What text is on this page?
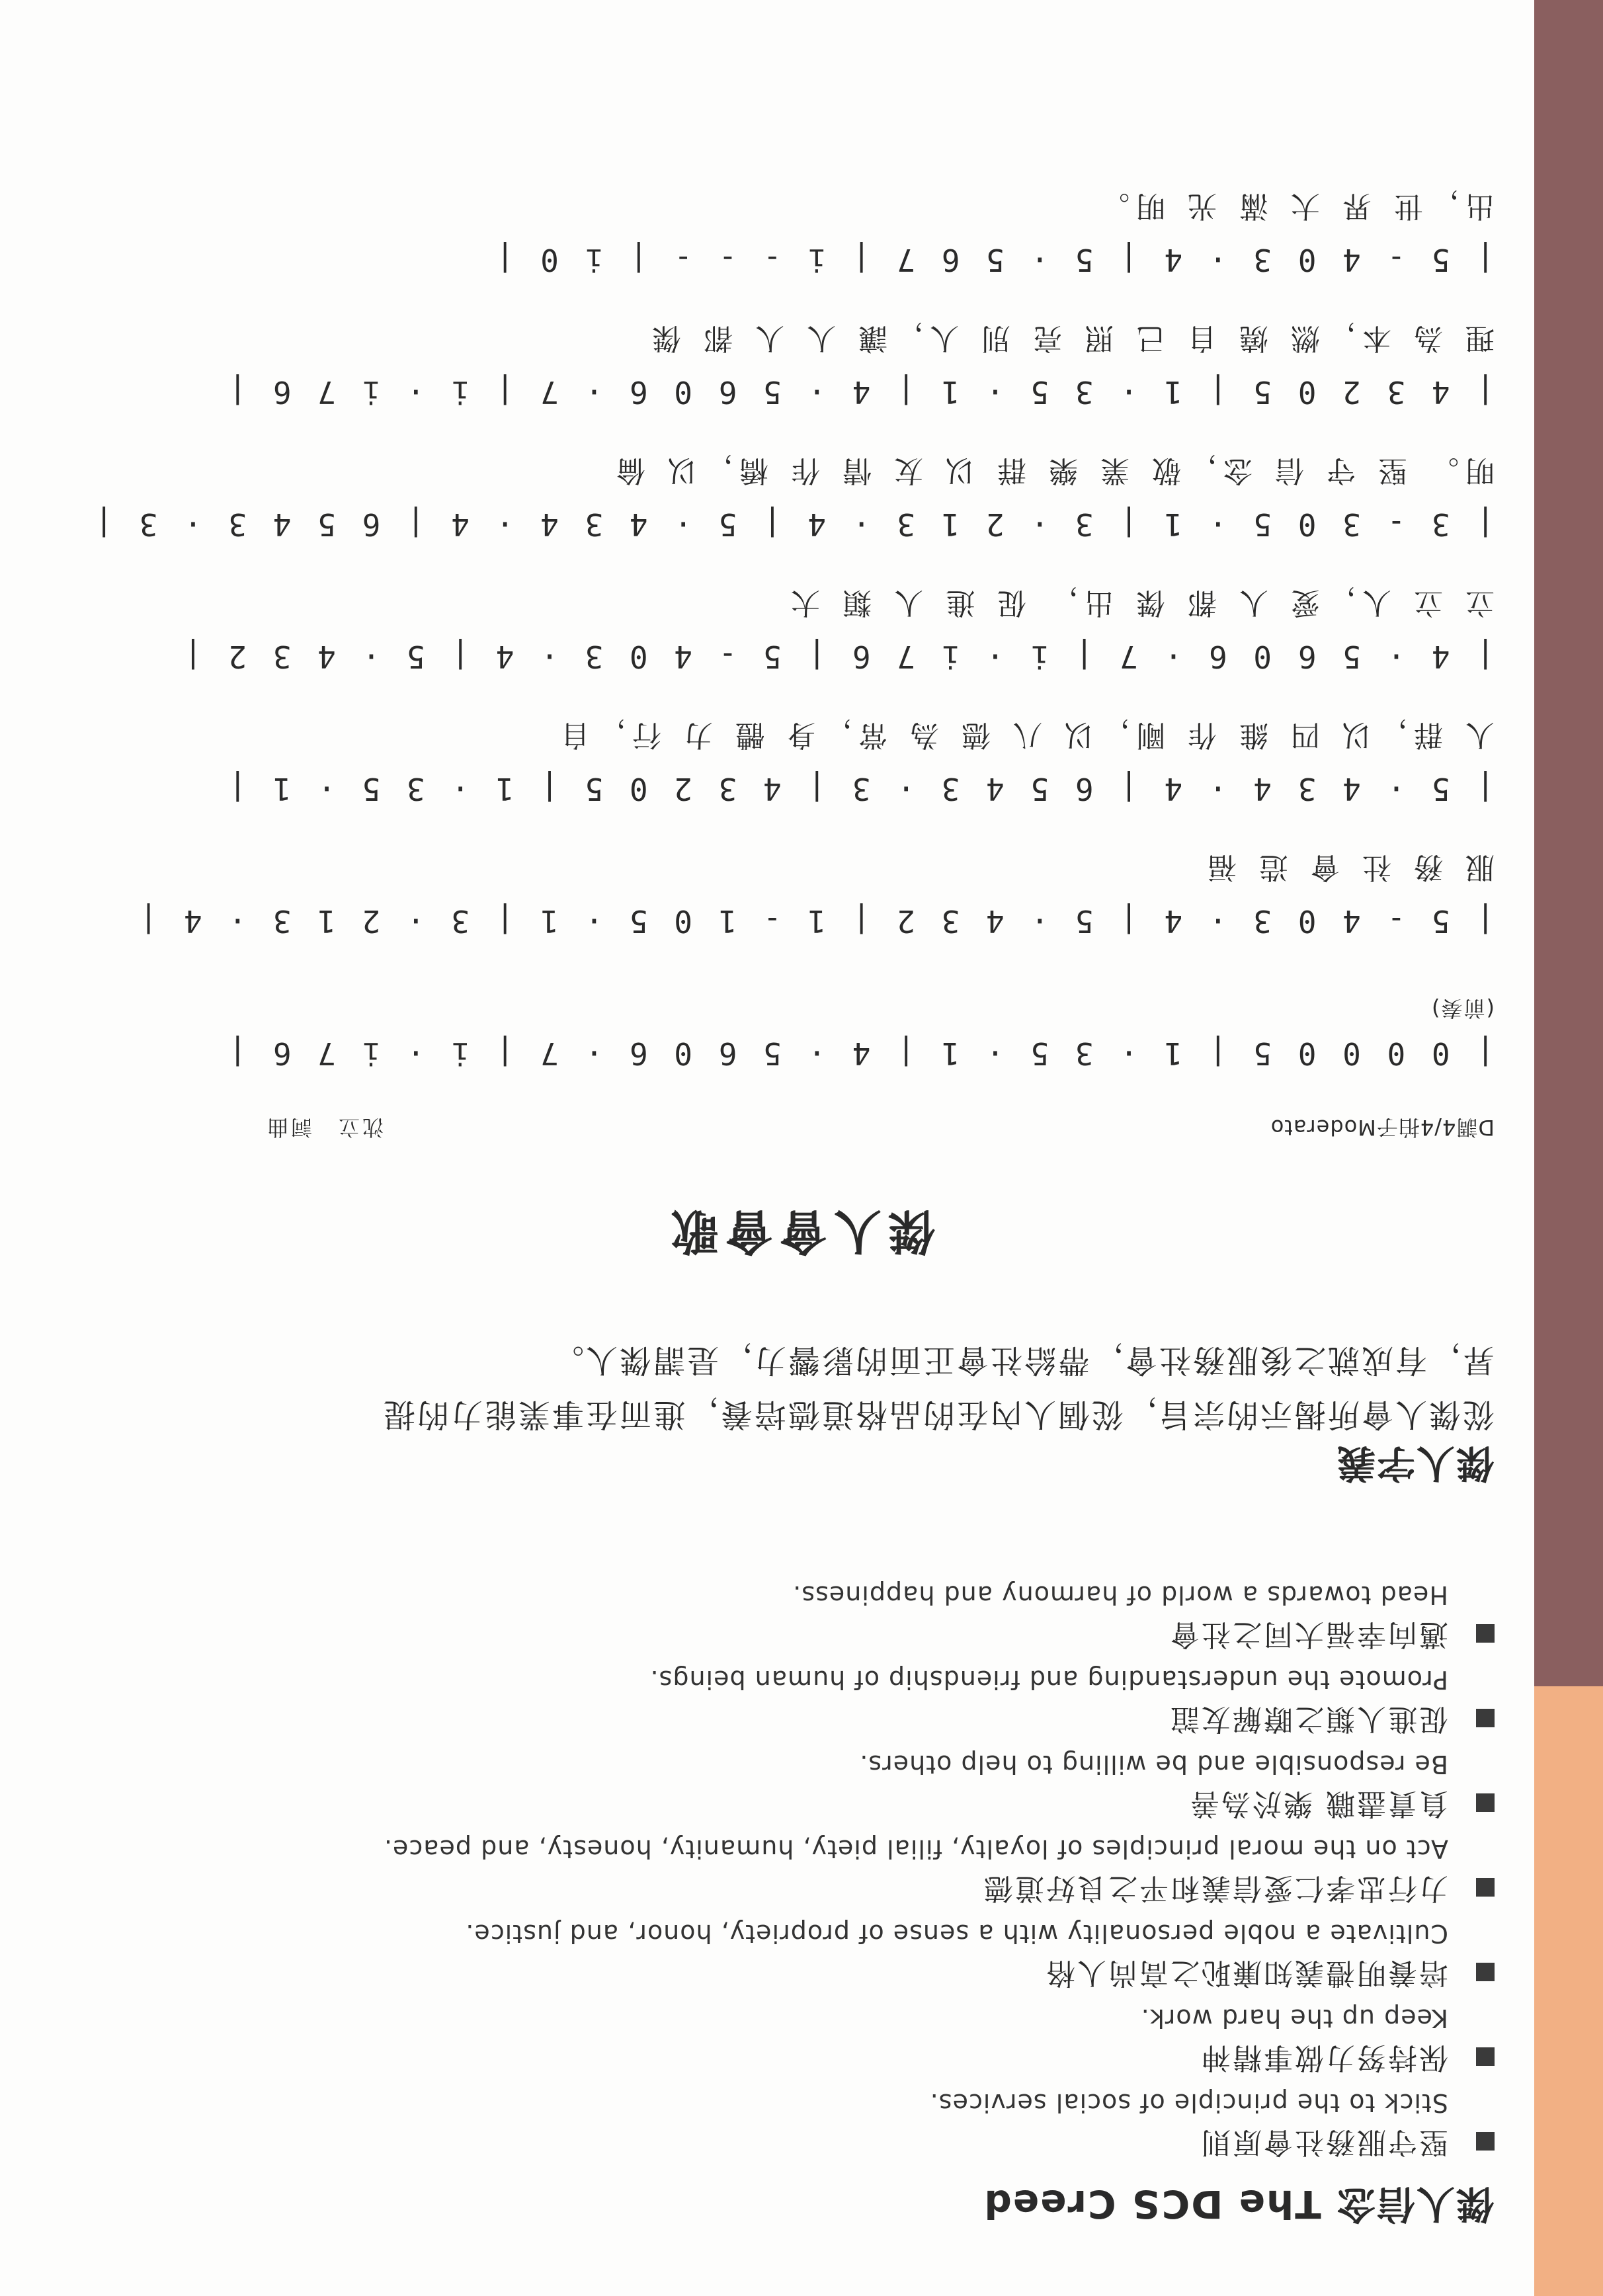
傑人信念 The DCS Creed
堅守服務社會原則
Stick to the principle of social services.
保持努力做事精神
Keep up the hard work.
培養明禮義知廉恥之高尚人格
Cultivate a noble personality with a sense of propriety, honor, and justice.
力行忠孝仁愛信義和平之良好道德
Act on the moral principles of loyalty, filial piety, humanity, honesty, and peace.
負責盡職 樂於為善
Be responsible and be willing to help others.
促進人類之瞭解友誼
Promote the understanding and friendship of human beings.
邁向幸福大同之社會
Head towards a world of harmony and happiness.
傑人字義
從傑人會所揭示的宗旨，從個人內在的品格道德培養，進而在事業能力的提昇，有成就之後服務社會，帶給社會正面的影響力，是謂傑人。
傑人會會歌
D調4/4拍子Moderato
沈立　詞曲
| 0 0 0 0 5 | 1 · 3 5 · 1 | 4 · 5 6 0 6 · 7 | i · i 7 6 |
(前奏)
| 5 - 4 0 3 · 4 | 5 · 4 3 2 | 1 - 1 0 5 · 1 | 3 · 2 1 3 · 4 |
服 務 社 會 造 福
| 5 · 4 3 4 · 4 | 6 5 4 3 · 3 | 4 3 2 0 5 | 1 · 3 5 · 1 |
人 群，以 四 維 作 剛，以 八 德 為 常，身 體 力 行，自
| 4 · 5 6 0 6 · 7 | i · i 7 6 | 5 - 4 0 3 · 4 | 5 · 4 3 2 |
立 立 人，愛 人 都 傑 出， 促 進 人 類 大
| 3 - 3 0 5 · 1 | 3 · 2 1 3 · 4 | 5 · 4 3 4 · 4 | 6 5 4 3 · 3 |
明。 堅 守 信 念，敬 業 樂 群 以 友 情 作 橋，以 倫
| 4 3 2 0 5 | 1 · 3 5 · 1 | 4 · 5 6 0 6 · 7 | i · i 7 6 |
理 為 本，燃 燒 自 己 照 亮 別 人，讓 人 人 都 傑
| 5 - 4 0 3 · 4 | 5 · 5 6 7 | i - - - | i 0 |
出，世 界 大 滿 光 明。
